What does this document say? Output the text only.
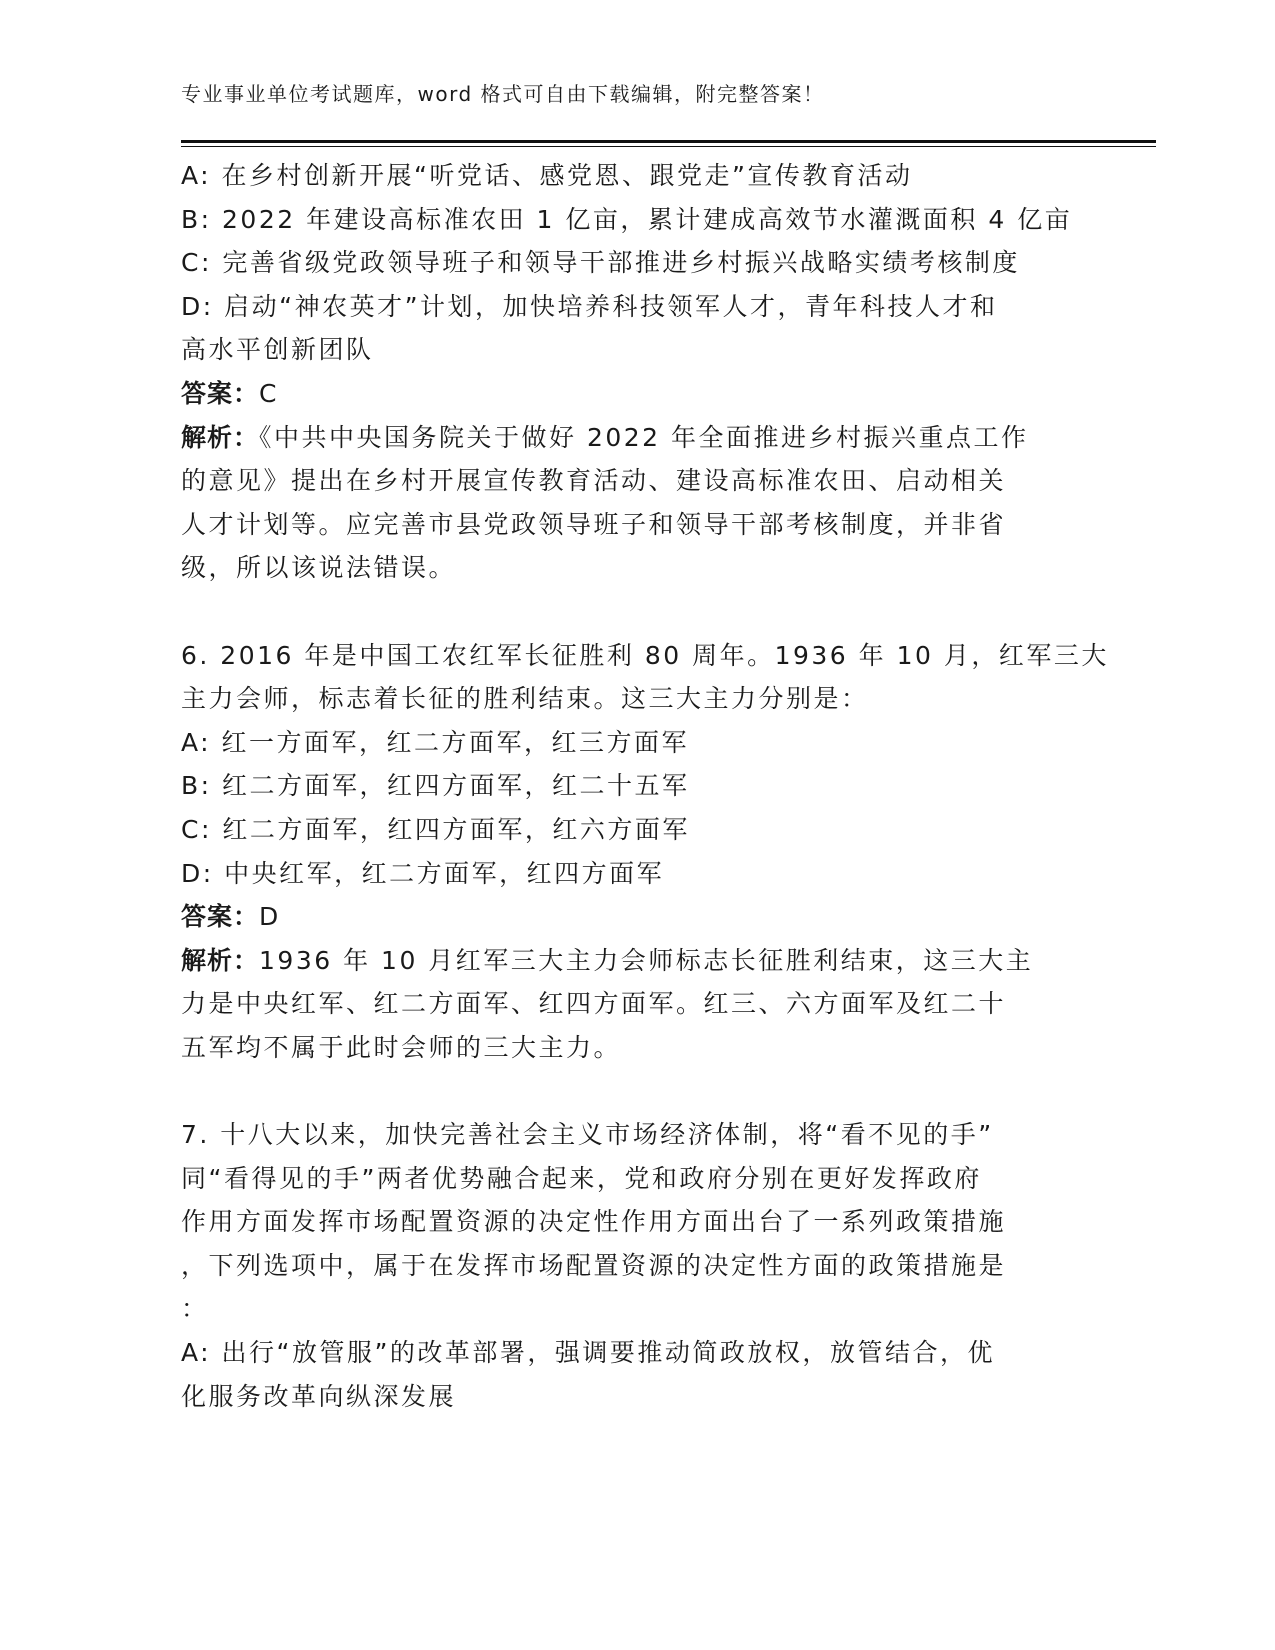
专业事业单位考试题库，word 格式可自由下载编辑，附完整答案！
A: 在乡村创新开展“听党话、感党恩、跟党走”宣传教育活动
B: 2022 年建设高标准农田 1 亿亩，累计建成高效节水灌溉面积 4 亿亩
C: 完善省级党政领导班子和领导干部推进乡村振兴战略实绩考核制度
D: 启动“神农英才”计划，加快培养科技领军人才，青年科技人才和
高水平创新团队
答案：C
解析：《中共中央国务院关于做好 2022 年全面推进乡村振兴重点工作
的意见》提出在乡村开展宣传教育活动、建设高标准农田、启动相关
人才计划等。应完善市县党政领导班子和领导干部考核制度，并非省
级，所以该说法错误。
6. 2016 年是中国工农红军长征胜利 80 周年。1936 年 10 月，红军三大
主力会师，标志着长征的胜利结束。这三大主力分别是：
A: 红一方面军，红二方面军，红三方面军
B: 红二方面军，红四方面军，红二十五军
C: 红二方面军，红四方面军，红六方面军
D: 中央红军，红二方面军，红四方面军
答案：D
解析：1936 年 10 月红军三大主力会师标志长征胜利结束，这三大主
力是中央红军、红二方面军、红四方面军。红三、六方面军及红二十
五军均不属于此时会师的三大主力。
7. 十八大以来，加快完善社会主义市场经济体制，将“看不见的手”
同“看得见的手”两者优势融合起来，党和政府分别在更好发挥政府
作用方面发挥市场配置资源的决定性作用方面出台了一系列政策措施
，下列选项中，属于在发挥市场配置资源的决定性方面的政策措施是
：
A: 出行“放管服”的改革部署，强调要推动简政放权，放管结合，优
化服务改革向纵深发展
